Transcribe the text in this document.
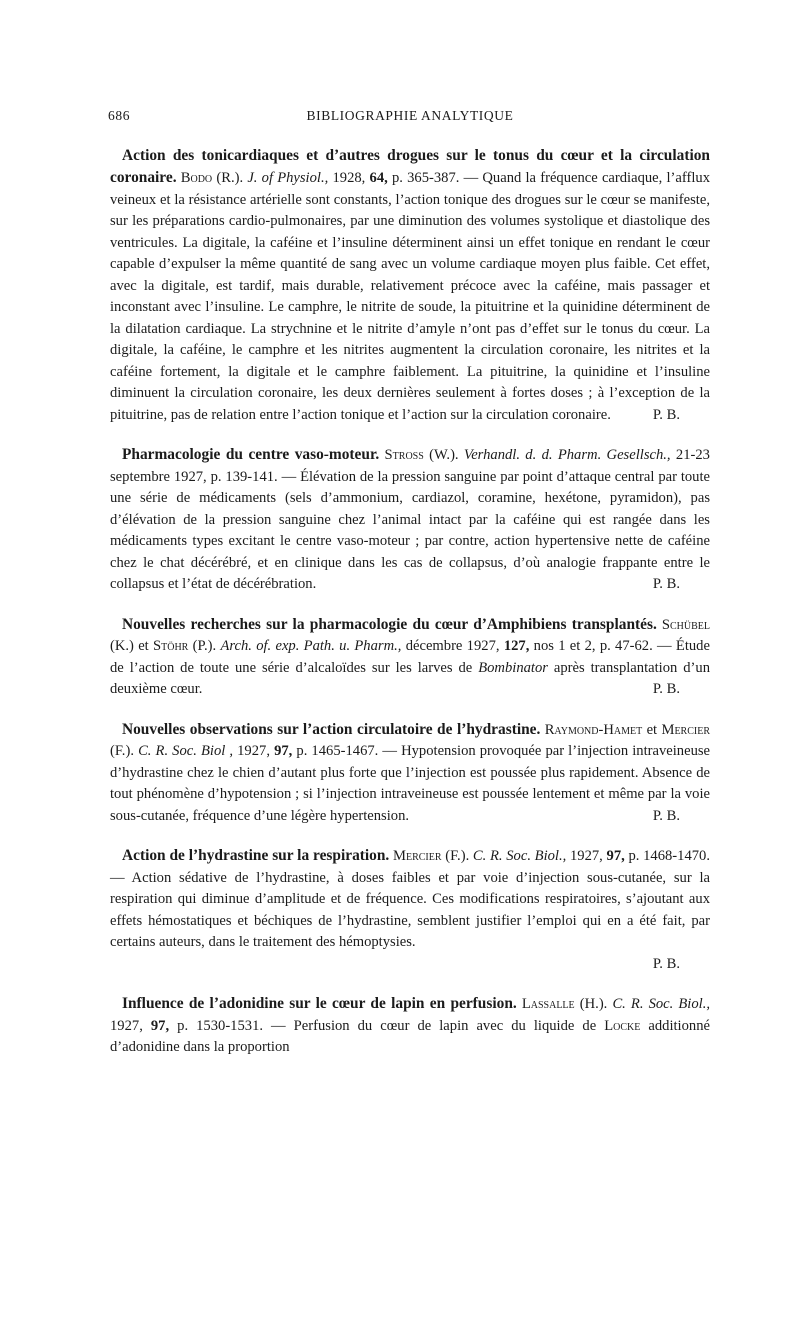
686	BIBLIOGRAPHIE ANALYTIQUE

Action des tonicardiaques et d’autres drogues sur le tonus du cœur et la circulation coronaire. Bodo (R.). J. of Physiol., 1928, 64, p. 365-387. — Quand la fréquence cardiaque, l’afflux veineux et la résistance artérielle sont constants, l’action tonique des drogues sur le cœur se manifeste, sur les préparations cardio-pulmonaires, par une diminution des volumes systolique et diastolique des ventricules. La digitale, la caféine et l’insuline déterminent ainsi un effet tonique en rendant le cœur capable d’expulser la même quantité de sang avec un volume cardiaque moyen plus faible. Cet effet, avec la digitale, est tardif, mais durable, relativement précoce avec la caféine, mais passager et inconstant avec l’insuline. Le camphre, le nitrite de soude, la pituitrine et la quinidine déterminent de la dilatation cardiaque. La strychnine et le nitrite d’amyle n’ont pas d’effet sur le tonus du cœur. La digitale, la caféine, le camphre et les nitrites augmentent la circulation coronaire, les nitrites et la caféine fortement, la digitale et le camphre faiblement. La pituitrine, la quinidine et l’insuline diminuent la circulation coronaire, les deux dernières seulement à fortes doses ; à l’exception de la pituitrine, pas de relation entre l’action tonique et l’action sur la circulation coronaire.	P. B.

Pharmacologie du centre vaso-moteur. Stross (W.). Verhandl. d. d. Pharm. Gesellsch., 21-23 septembre 1927, p. 139-141. — Élévation de la pression sanguine par point d’attaque central par toute une série de médicaments (sels d’ammonium, cardiazol, coramine, hexétone, pyramidon), pas d’élévation de la pression sanguine chez l’animal intact par la caféine qui est rangée dans les médicaments types excitant le centre vaso-moteur ; par contre, action hypertensive nette de caféine chez le chat décérébré, et en clinique dans les cas de collapsus, d’où analogie frappante entre le collapsus et l’état de décérébration.	P. B.

Nouvelles recherches sur la pharmacologie du cœur d’Amphibiens transplantés. Schübel (K.) et Stöhr (P.). Arch. of. exp. Path. u. Pharm., décembre 1927, 127, nos 1 et 2, p. 47-62. — Étude de l’action de toute une série d’alcaloïdes sur les larves de Bombinator après transplantation d’un deuxième cœur.	P. B.

Nouvelles observations sur l’action circulatoire de l’hydrastine. Raymond-Hamet et Mercier (F.). C. R. Soc. Biol , 1927, 97, p. 1465-1467. — Hypotension provoquée par l’injection intraveineuse d’hydrastine chez le chien d’autant plus forte que l’injection est poussée plus rapidement. Absence de tout phénomène d’hypotension ; si l’injection intraveineuse est poussée lentement et même par la voie sous-cutanée, fréquence d’une légère hypertension.	P. B.

Action de l’hydrastine sur la respiration. Mercier (F.). C. R. Soc. Biol., 1927, 97, p. 1468-1470. — Action sédative de l’hydrastine, à doses faibles et par voie d’injection sous-cutanée, sur la respiration qui diminue d’amplitude et de fréquence. Ces modifications respiratoires, s’ajoutant aux effets hémostatiques et béchiques de l’hydrastine, semblent justifier l’emploi qui en a été fait, par certains auteurs, dans le traitement des hémoptysies.
P. B.

Influence de l’adonidine sur le cœur de lapin en perfusion. Lassalle (H.). C. R. Soc. Biol., 1927, 97, p. 1530-1531. — Perfusion du cœur de lapin avec du liquide de Locke additionné d’adonidine dans la proportion
